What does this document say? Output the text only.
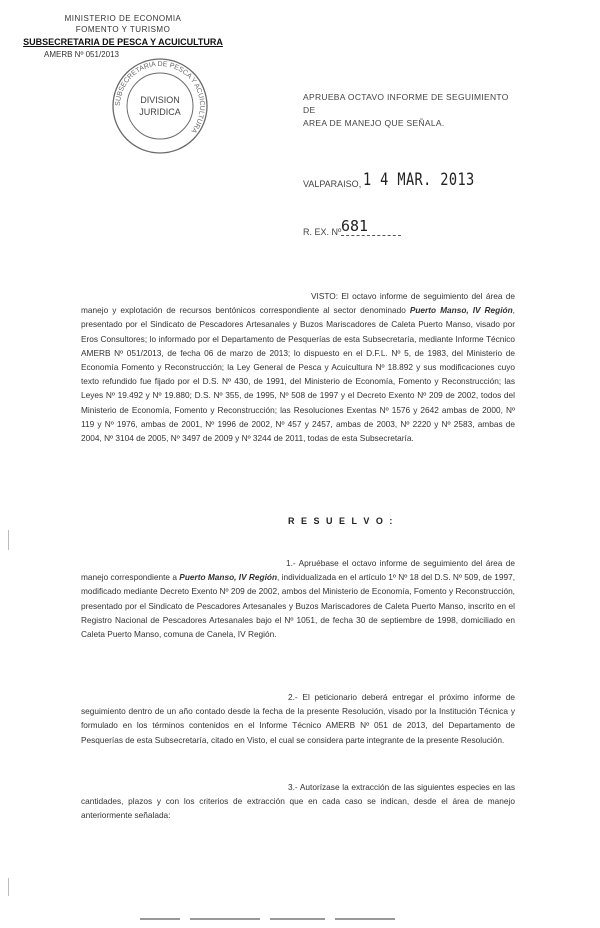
MINISTERIO DE ECONOMIA
FOMENTO Y TURISMO
SUBSECRETARIA DE PESCA Y ACUICULTURA
AMERB Nº 051/2013
SUBSECRETARIA DE PESCA Y ACUICULTURA
DIVISION
JURIDICA
APRUEBA OCTAVO INFORME DE SEGUIMIENTO DE
AREA DE MANEJO QUE SEÑALA.
VALPARAISO, 1 4 MAR. 2013
R. EX. Nº 681
VISTO: El octavo informe de seguimiento del área de manejo y explotación de recursos bentónicos correspondiente al sector denominado Puerto Manso, IV Región, presentado por el Sindicato de Pescadores Artesanales y Buzos Mariscadores de Caleta Puerto Manso, visado por Eros Consultores; lo informado por el Departamento de Pesquerías de esta Subsecretaría, mediante Informe Técnico AMERB Nº 051/2013, de fecha 06 de marzo de 2013; lo dispuesto en el D.F.L. Nº 5, de 1983, del Ministerio de Economía Fomento y Reconstrucción; la Ley General de Pesca y Acuicultura Nº 18.892 y sus modificaciones cuyo texto refundido fue fijado por el D.S. Nº 430, de 1991, del Ministerio de Economía, Fomento y Reconstrucción; las Leyes Nº 19.492 y Nº 19.880; D.S. Nº 355, de 1995, Nº 508 de 1997 y el Decreto Exento Nº 209 de 2002, todos del Ministerio de Economía, Fomento y Reconstrucción; las Resoluciones Exentas Nº 1576 y 2642 ambas de 2000, Nº 119 y Nº 1976, ambas de 2001, Nº 1996 de 2002, Nº 457 y 2457, ambas de 2003, Nº 2220 y Nº 2583, ambas de 2004, Nº 3104 de 2005, Nº 3497 de 2009 y Nº 3244 de 2011, todas de esta Subsecretaría.
R E S U E L V O :
1.- Apruébase el octavo informe de seguimiento del área de manejo correspondiente a Puerto Manso, IV Región, individualizada en el artículo 1º Nº 18 del D.S. Nº 509, de 1997, modificado mediante Decreto Exento Nº 209 de 2002, ambos del Ministerio de Economía, Fomento y Reconstrucción, presentado por el Sindicato de Pescadores Artesanales y Buzos Mariscadores de Caleta Puerto Manso, inscrito en el Registro Nacional de Pescadores Artesanales bajo el Nº 1051, de fecha 30 de septiembre de 1998, domiciliado en Caleta Puerto Manso, comuna de Canela, IV Región.
2.- El peticionario deberá entregar el próximo informe de seguimiento dentro de un año contado desde la fecha de la presente Resolución, visado por la Institución Técnica y formulado en los términos contenidos en el Informe Técnico AMERB Nº 051 de 2013, del Departamento de Pesquerías de esta Subsecretaría, citado en Visto, el cual se considera parte integrante de la presente Resolución.
3.- Autorízase la extracción de las siguientes especies en las cantidades, plazos y con los criterios de extracción que en cada caso se indican, desde el área de manejo anteriormente señalada:
